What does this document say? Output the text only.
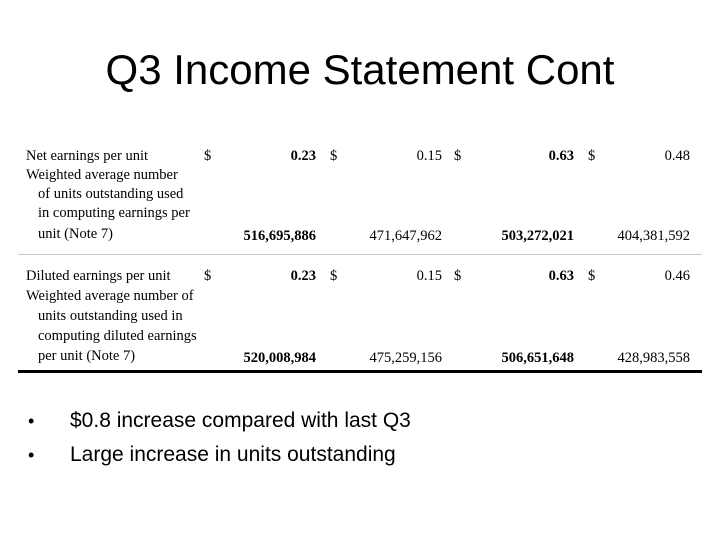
Q3 Income Statement Cont
Net earnings per unit	$	0.23 $	0.15 $	0.63 $	0.48
Weighted average number
of units outstanding used
in computing earnings per
unit (Note 7)	516,695,886	471,647,962	503,272,021	404,381,592
Diluted earnings per unit $	0.23 $	0.15 $	0.63 $	0.46
Weighted average number of
units outstanding used in
computing diluted earnings
per unit (Note 7)	520,008,984	475,259,156	506,651,648	428,983,558
• $0.8 increase compared with last Q3
• Large increase in units outstanding
